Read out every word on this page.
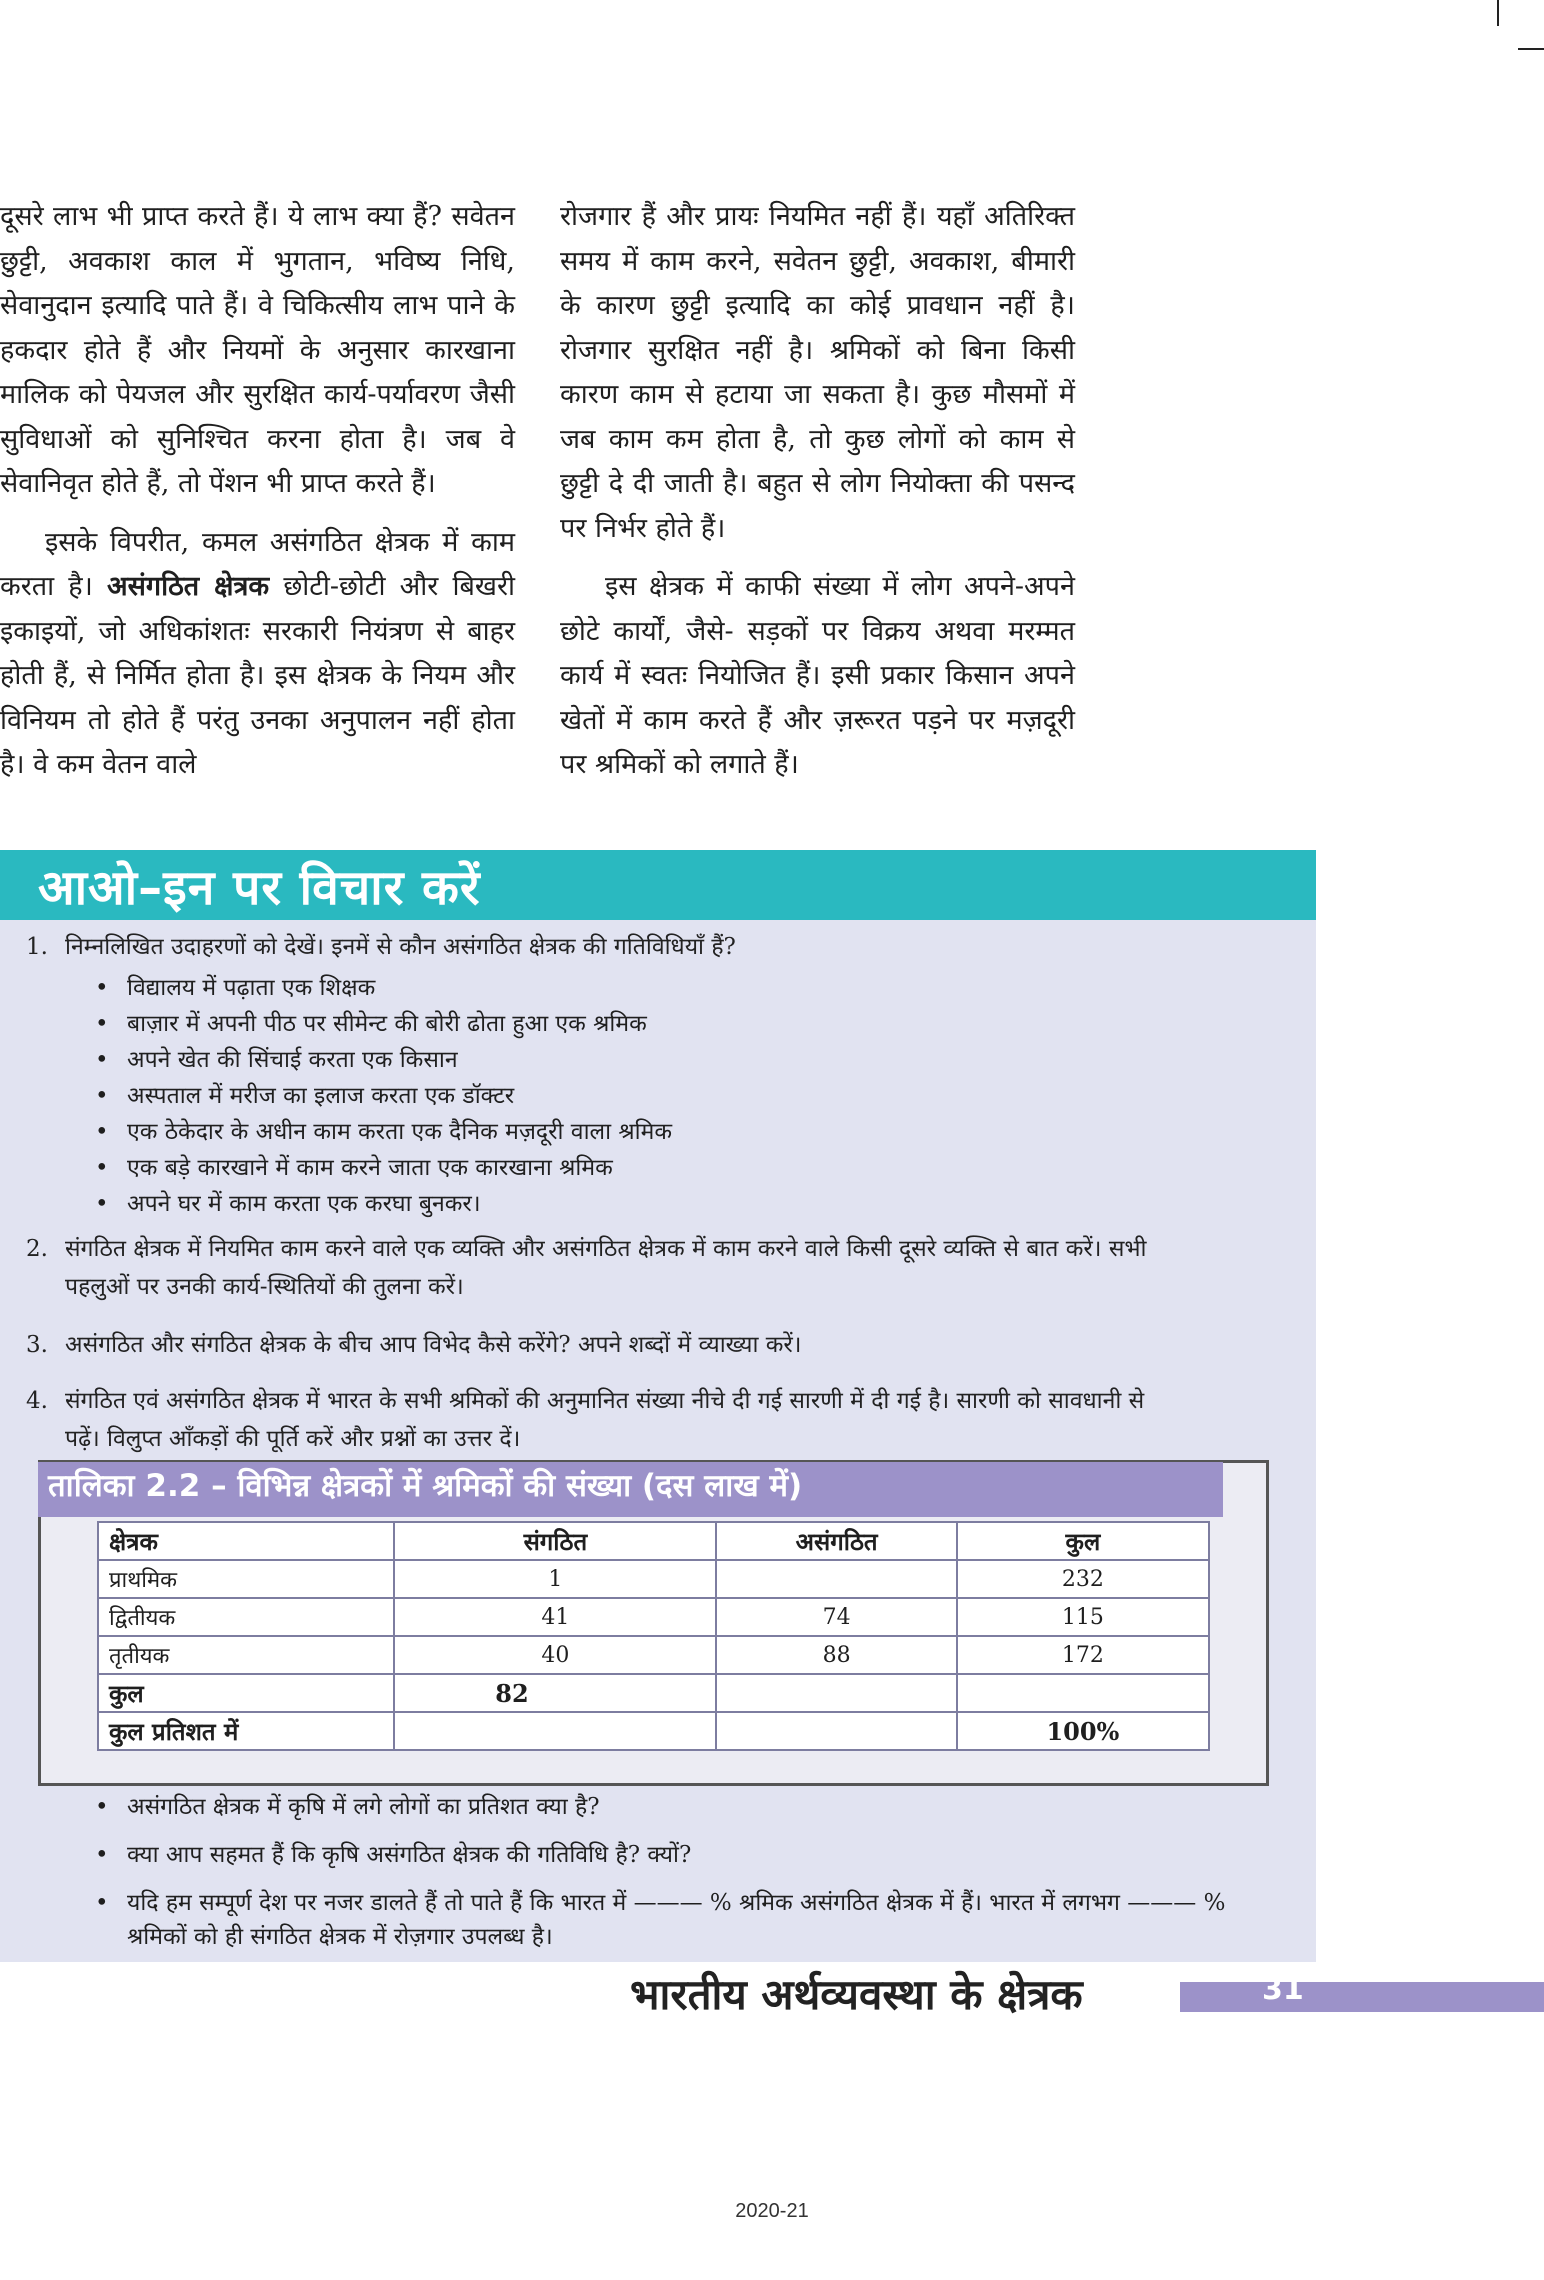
दूसरे लाभ भी प्राप्त करते हैं। ये लाभ क्या हैं? सवेतन छुट्टी, अवकाश काल में भुगतान, भविष्य निधि, सेवानुदान इत्यादि पाते हैं। वे चिकित्सीय लाभ पाने के हकदार होते हैं और नियमों के अनुसार कारखाना मालिक को पेयजल और सुरक्षित कार्य-पर्यावरण जैसी सुविधाओं को सुनिश्चित करना होता है। जब वे सेवानिवृत होते हैं, तो पेंशन भी प्राप्त करते हैं।

इसके विपरीत, कमल असंगठित क्षेत्रक में काम करता है। असंगठित क्षेत्रक छोटी-छोटी और बिखरी इकाइयों, जो अधिकांशतः सरकारी नियंत्रण से बाहर होती हैं, से निर्मित होता है। इस क्षेत्रक के नियम और विनियम तो होते हैं परंतु उनका अनुपालन नहीं होता है। वे कम वेतन वाले

रोजगार हैं और प्रायः नियमित नहीं हैं। यहाँ अतिरिक्त समय में काम करने, सवेतन छुट्टी, अवकाश, बीमारी के कारण छुट्टी इत्यादि का कोई प्रावधान नहीं है। रोजगार सुरक्षित नहीं है। श्रमिकों को बिना किसी कारण काम से हटाया जा सकता है। कुछ मौसमों में जब काम कम होता है, तो कुछ लोगों को काम से छुट्टी दे दी जाती है। बहुत से लोग नियोक्ता की पसन्द पर निर्भर होते हैं।

इस क्षेत्रक में काफी संख्या में लोग अपने-अपने छोटे कार्यों, जैसे- सड़कों पर विक्रय अथवा मरम्मत कार्य में स्वतः नियोजित हैं। इसी प्रकार किसान अपने खेतों में काम करते हैं और ज़रूरत पड़ने पर मज़दूरी पर श्रमिकों को लगाते हैं।

आओ–इन पर विचार करें
1. निम्नलिखित उदाहरणों को देखें। इनमें से कौन असंगठित क्षेत्रक की गतिविधियाँ हैं?
• विद्यालय में पढ़ाता एक शिक्षक
• बाज़ार में अपनी पीठ पर सीमेन्ट की बोरी ढोता हुआ एक श्रमिक
• अपने खेत की सिंचाई करता एक किसान
• अस्पताल में मरीज का इलाज करता एक डॉक्टर
• एक ठेकेदार के अधीन काम करता एक दैनिक मज़दूरी वाला श्रमिक
• एक बड़े कारखाने में काम करने जाता एक कारखाना श्रमिक
• अपने घर में काम करता एक करघा बुनकर।
2. संगठित क्षेत्रक में नियमित काम करने वाले एक व्यक्ति और असंगठित क्षेत्रक में काम करने वाले किसी दूसरे व्यक्ति से बात करें। सभी पहलुओं पर उनकी कार्य-स्थितियों की तुलना करें।
3. असंगठित और संगठित क्षेत्रक के बीच आप विभेद कैसे करेंगे? अपने शब्दों में व्याख्या करें।
4. संगठित एवं असंगठित क्षेत्रक में भारत के सभी श्रमिकों की अनुमानित संख्या नीचे दी गई सारणी में दी गई है। सारणी को सावधानी से पढ़ें। विलुप्त आँकड़ों की पूर्ति करें और प्रश्नों का उत्तर दें।
तालिका 2.2 – विभिन्न क्षेत्रकों में श्रमिकों की संख्या (दस लाख में)
क्षेत्रक	संगठित	असंगठित	कुल
प्राथमिक	1		232
द्वितीयक	41	74	115
तृतीयक	40	88	172
कुल	82		
कुल प्रतिशत में			100%
• असंगठित क्षेत्रक में कृषि में लगे लोगों का प्रतिशत क्या है?
• क्या आप सहमत हैं कि कृषि असंगठित क्षेत्रक की गतिविधि है? क्यों?
• यदि हम सम्पूर्ण देश पर नजर डालते हैं तो पाते हैं कि भारत में ——— % श्रमिक असंगठित क्षेत्रक में हैं। भारत में लगभग ——— % श्रमिकों को ही संगठित क्षेत्रक में रोज़गार उपलब्ध है।
भारतीय अर्थव्यवस्था के क्षेत्रक	31
2020-21
